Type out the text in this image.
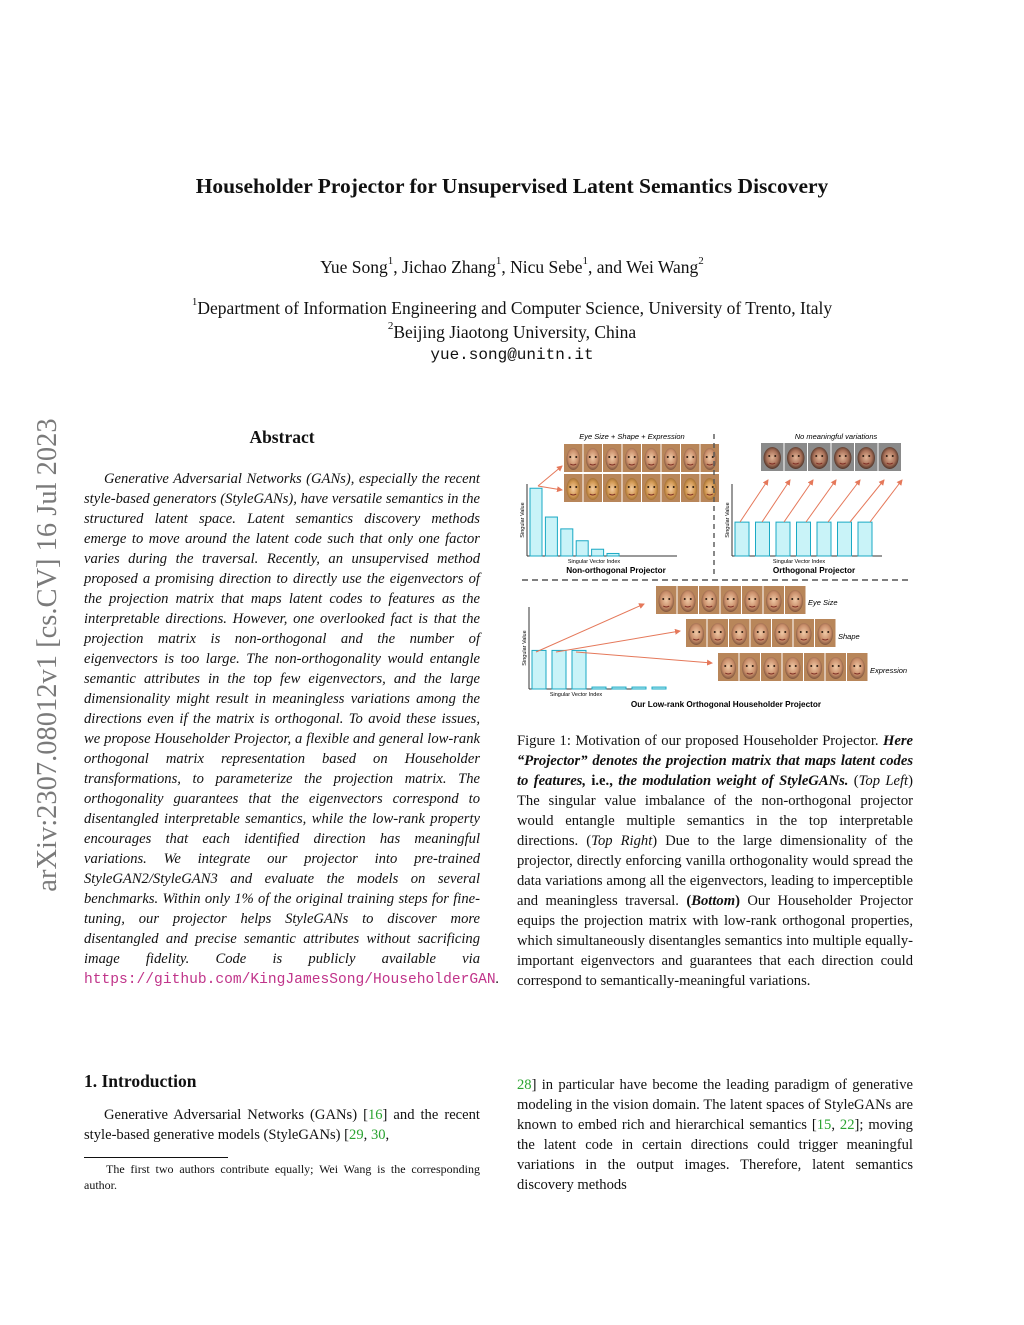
arXiv:2307.08012v1 [cs.CV] 16 Jul 2023
Householder Projector for Unsupervised Latent Semantics Discovery
Yue Song$^1$, Jichao Zhang$^1$, Nicu Sebe$^1$, and Wei Wang$^2$
$^1$Department of Information Engineering and Computer Science, University of Trento, Italy
$^2$Beijing Jiaotong University, China
yue.song@unitn.it
Abstract
Generative Adversarial Networks (GANs), especially the recent style-based generators (StyleGANs), have versatile semantics in the structured latent space. Latent semantics discovery methods emerge to move around the latent code such that only one factor varies during the traversal. Recently, an unsupervised method proposed a promising direction to directly use the eigenvectors of the projection matrix that maps latent codes to features as the interpretable directions. However, one overlooked fact is that the projection matrix is non-orthogonal and the number of eigenvectors is too large. The non-orthogonality would entangle semantic attributes in the top few eigenvectors, and the large dimensionality might result in meaningless variations among the directions even if the matrix is orthogonal. To avoid these issues, we propose Householder Projector, a flexible and general low-rank orthogonal matrix representation based on Householder transformations, to parameterize the projection matrix. The orthogonality guarantees that the eigenvectors correspond to disentangled interpretable semantics, while the low-rank property encourages that each identified direction has meaningful variations. We integrate our projector into pre-trained StyleGAN2/StyleGAN3 and evaluate the models on several benchmarks. Within only 1% of the original training steps for fine-tuning, our projector helps StyleGANs to discover more disentangled and precise semantic attributes without sacrificing image fidelity. Code is publicly available via https://github.com/KingJamesSong/HouseholderGAN.
Eye Size + Shape + Expression	No meaningful variations
Singular Vector Index
Singular Value
Singular Vector Index
Singular Value
Singular Vector Index
Singular Value
Non-orthogonal Projector	Orthogonal Projector
Our Low-rank Orthogonal Householder Projector
Eye Size
Shape
Expression
Figure 1: Motivation of our proposed Householder Projector. Here “Projector” denotes the projection matrix that maps latent codes to features, i.e., the modulation weight of StyleGANs. (Top Left) The singular value imbalance of the non-orthogonal projector would entangle multiple semantics in the top interpretable directions. (Top Right) Due to the large dimensionality of the projector, directly enforcing vanilla orthogonality would spread the data variations among all the eigenvectors, leading to imperceptible and meaningless traversal. (Bottom) Our Householder Projector equips the projection matrix with low-rank orthogonal properties, which simultaneously disentangles semantics into multiple equally-important eigenvectors and guarantees that each direction could correspond to semantically-meaningful variations.
1. Introduction
Generative Adversarial Networks (GANs) [16] and the recent style-based generative models (StyleGANs) [29, 30,
The first two authors contribute equally; Wei Wang is the corresponding author.
28] in particular have become the leading paradigm of generative modeling in the vision domain. The latent spaces of StyleGANs are known to embed rich and hierarchical semantics [15, 22]; moving the latent code in certain directions could trigger meaningful variations in the output images. Therefore, latent semantics discovery methods
